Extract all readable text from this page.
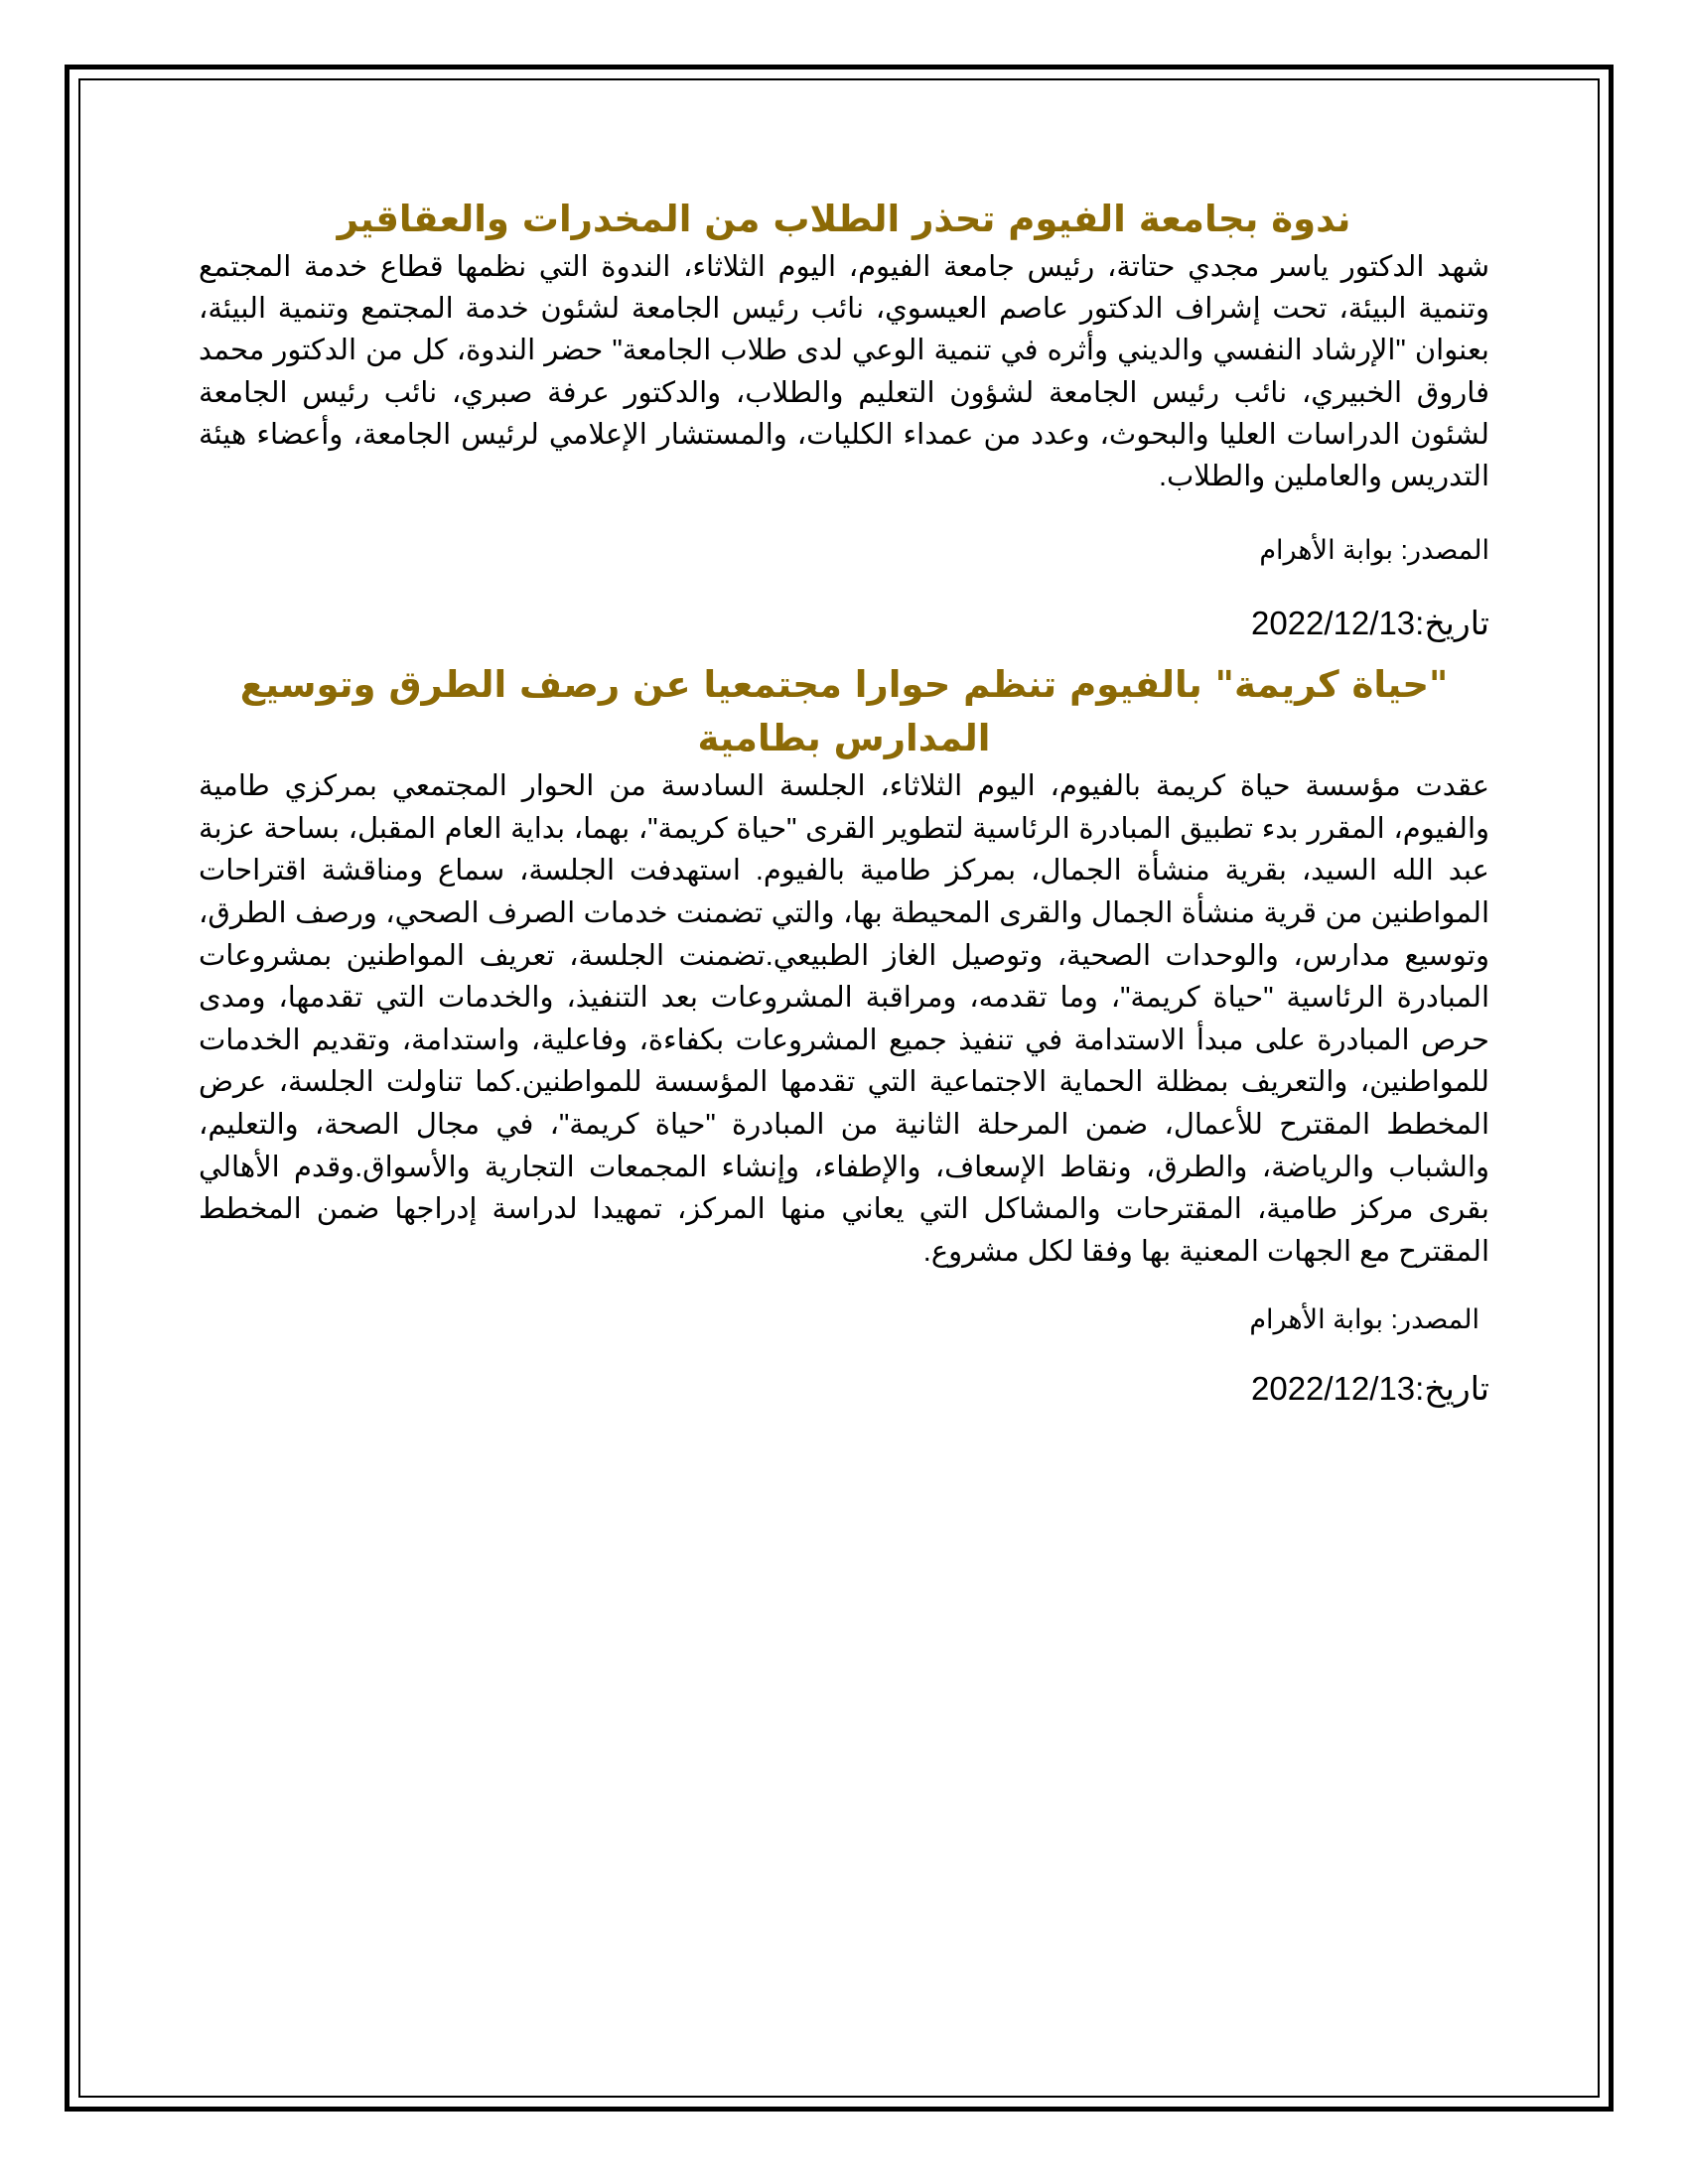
ندوة بجامعة الفيوم تحذر الطلاب من المخدرات والعقاقير

شهد الدكتور ياسر مجدي حتاتة، رئيس جامعة الفيوم، اليوم الثلاثاء، الندوة التي نظمها قطاع خدمة المجتمع وتنمية البيئة، تحت إشراف الدكتور عاصم العيسوي، نائب رئيس الجامعة لشئون خدمة المجتمع وتنمية البيئة، بعنوان "الإرشاد النفسي والديني وأثره في تنمية الوعي لدى طلاب الجامعة" حضر الندوة، كل من الدكتور محمد فاروق الخبيري، نائب رئيس الجامعة لشؤون التعليم والطلاب، والدكتور عرفة صبري، نائب رئيس الجامعة لشئون الدراسات العليا والبحوث، وعدد من عمداء الكليات، والمستشار الإعلامي لرئيس الجامعة، وأعضاء هيئة التدريس والعاملين والطلاب.

المصدر: بوابة الأهرام

تاريخ:2022/12/13

"حياة كريمة" بالفيوم تنظم حوارا مجتمعيا عن رصف الطرق وتوسيع المدارس بطامية

عقدت مؤسسة حياة كريمة بالفيوم، اليوم الثلاثاء، الجلسة السادسة من الحوار المجتمعي بمركزي طامية والفيوم، المقرر بدء تطبيق المبادرة الرئاسية لتطوير القرى "حياة كريمة"، بهما، بداية العام المقبل، بساحة عزبة عبد الله السيد، بقرية منشأة الجمال، بمركز طامية بالفيوم. استهدفت الجلسة، سماع ومناقشة اقتراحات المواطنين من قرية منشأة الجمال والقرى المحيطة بها، والتي تضمنت خدمات الصرف الصحي، ورصف الطرق، وتوسيع مدارس، والوحدات الصحية، وتوصيل الغاز الطبيعي.تضمنت الجلسة، تعريف المواطنين بمشروعات المبادرة الرئاسية "حياة كريمة"، وما تقدمه، ومراقبة المشروعات بعد التنفيذ، والخدمات التي تقدمها، ومدى حرص المبادرة على مبدأ الاستدامة في تنفيذ جميع المشروعات بكفاءة، وفاعلية، واستدامة، وتقديم الخدمات للمواطنين، والتعريف بمظلة الحماية الاجتماعية التي تقدمها المؤسسة للمواطنين.كما تناولت الجلسة، عرض المخطط المقترح للأعمال، ضمن المرحلة الثانية من المبادرة "حياة كريمة"، في مجال الصحة، والتعليم، والشباب والرياضة، والطرق، ونقاط الإسعاف، والإطفاء، وإنشاء المجمعات التجارية والأسواق.وقدم الأهالي بقرى مركز طامية، المقترحات والمشاكل التي يعاني منها المركز، تمهيدا لدراسة إدراجها ضمن المخطط المقترح مع الجهات المعنية بها وفقا لكل مشروع.

المصدر: بوابة الأهرام

تاريخ:2022/12/13
